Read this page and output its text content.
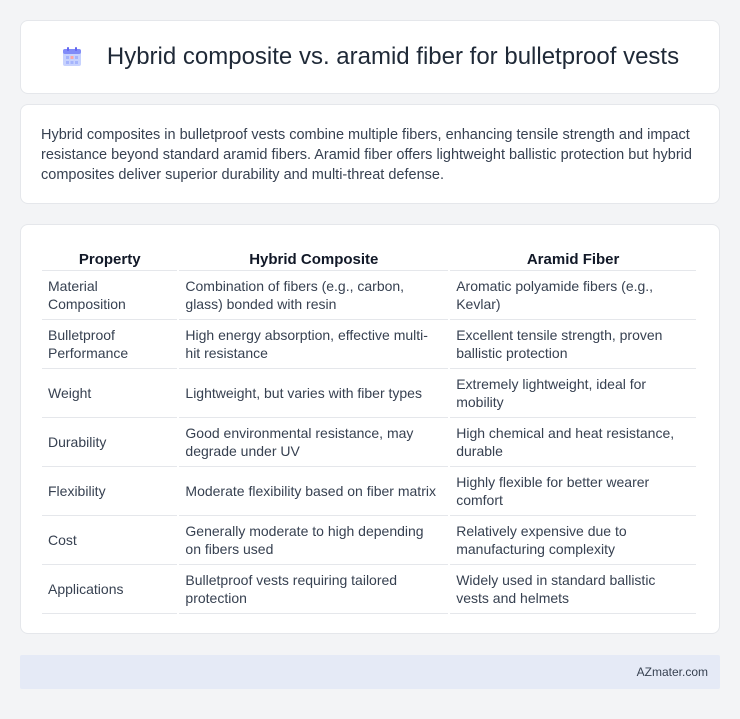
Hybrid composite vs. aramid fiber for bulletproof vests

Hybrid composites in bulletproof vests combine multiple fibers, enhancing tensile strength and impact resistance beyond standard aramid fibers. Aramid fiber offers lightweight ballistic protection but hybrid composites deliver superior durability and multi-threat defense.

Property	Hybrid Composite	Aramid Fiber
Material Composition	Combination of fibers (e.g., carbon, glass) bonded with resin	Aromatic polyamide fibers (e.g., Kevlar)
Bulletproof Performance	High energy absorption, effective multi-hit resistance	Excellent tensile strength, proven ballistic protection
Weight	Lightweight, but varies with fiber types	Extremely lightweight, ideal for mobility
Durability	Good environmental resistance, may degrade under UV	High chemical and heat resistance, durable
Flexibility	Moderate flexibility based on fiber matrix	Highly flexible for better wearer comfort
Cost	Generally moderate to high depending on fibers used	Relatively expensive due to manufacturing complexity
Applications	Bulletproof vests requiring tailored protection	Widely used in standard ballistic vests and helmets
AZmater.com
